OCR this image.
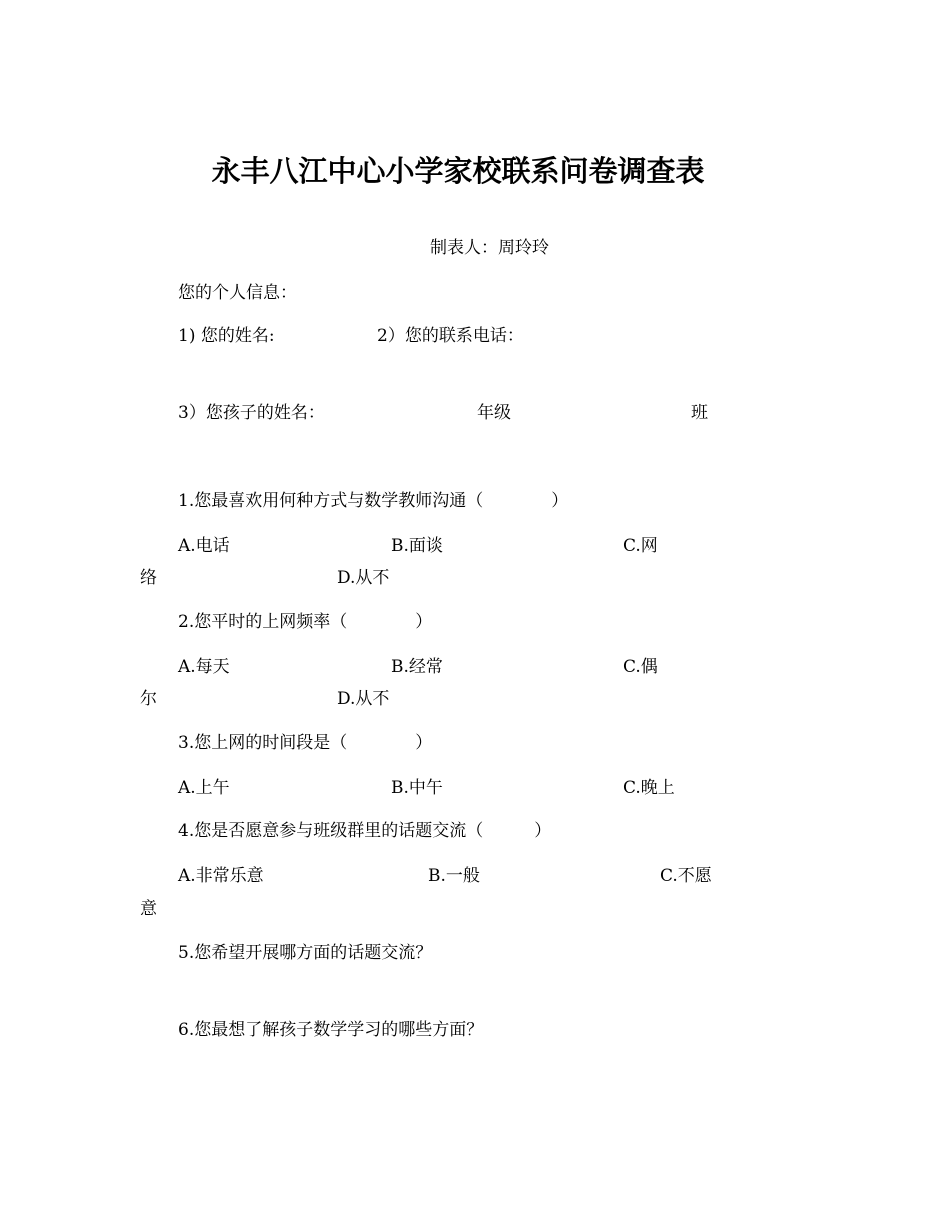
永丰八江中心小学家校联系问卷调查表
制表人：周玲玲
您的个人信息：
1) 您的姓名:	2）您的联系电话：
3）您孩子的姓名：	年级	班
1.您最喜欢用何种方式与数学教师沟通（　　　　）
A.电话	B.面谈	C.网
络	D.从不
2.您平时的上网频率（　　　　）
A.每天	B.经常	C.偶
尔	D.从不
3.您上网的时间段是（　　　　）
A.上午	B.中午	C.晚上
4.您是否愿意参与班级群里的话题交流（　　　）
A.非常乐意	B.一般	C.不愿
意
5.您希望开展哪方面的话题交流？
6.您最想了解孩子数学学习的哪些方面？
